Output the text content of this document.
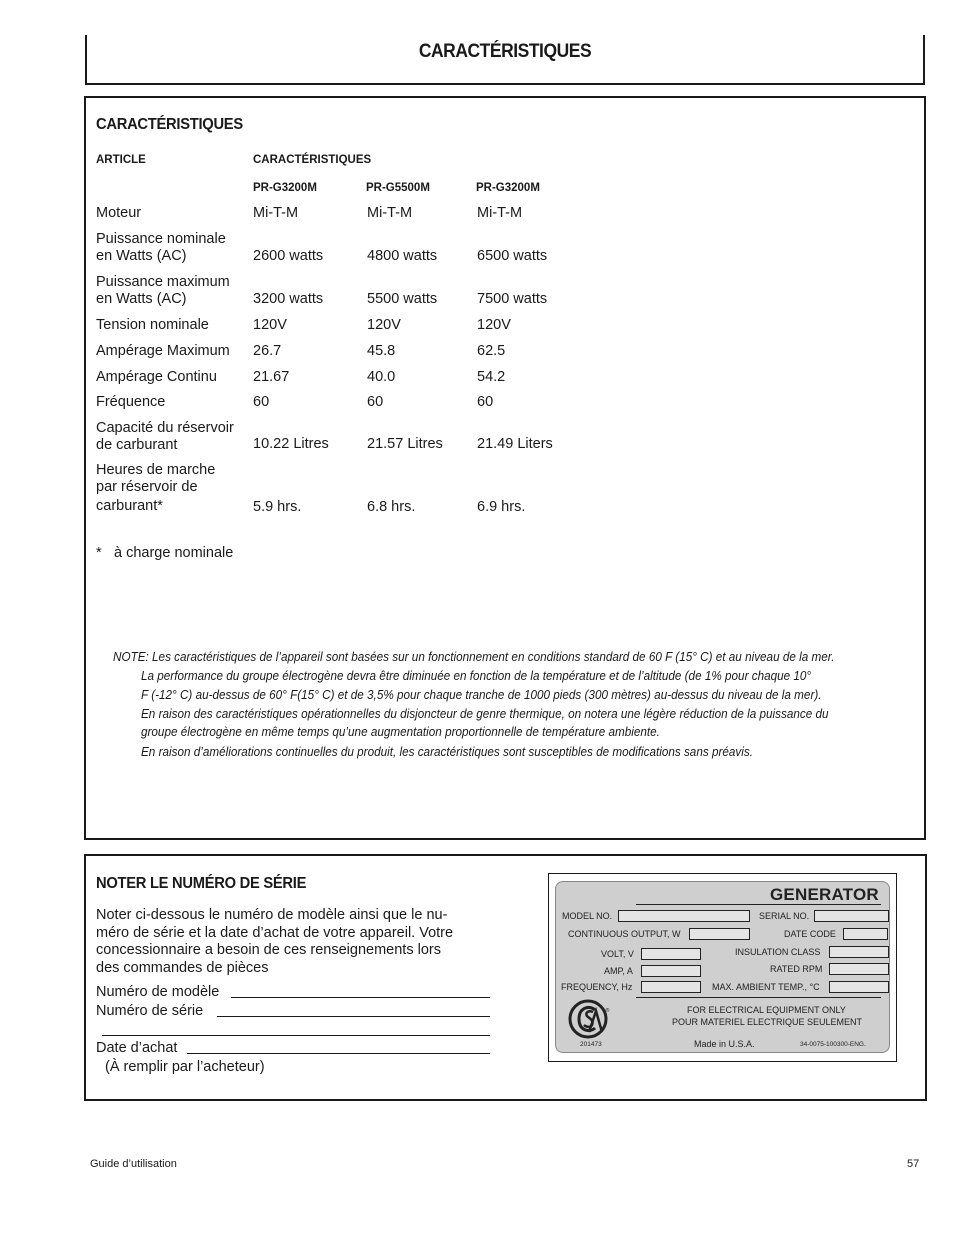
CARACTÉRISTIQUES
CARACTÉRISTIQUES
ARTICLE	CARACTÉRISTIQUES
PR-G3200M	PR-G5500M	PR-G3200M
Moteur	Mi-T-M	Mi-T-M	Mi-T-M
Puissance nominale
en Watts (AC)	2600 watts	4800 watts	6500 watts
Puissance maximum
en Watts (AC)	3200 watts	5500 watts	7500 watts
Tension nominale	120V	120V	120V
Ampérage Maximum 26.7	45.8	62.5
Ampérage Continu 21.67	40.0	54.2
Fréquence	60	60	60
Capacité du réservoir
de carburant	10.22 Litres	21.57 Litres 21.49 Liters
Heures de marche
par réservoir de
carburant*	5.9 hrs.	6.8 hrs.	6.9 hrs.
* à charge nominale
NOTE: Les caractéristiques de l’appareil sont basées sur un fonctionnement en conditions standard de 60 F (15° C) et au niveau de la mer.
La performance du groupe électrogène devra être diminuée en fonction de la température et de l’altitude (de 1% pour chaque 10°
F (-12° C) au-dessus de 60° F(15° C) et de 3,5% pour chaque tranche de 1000 pieds (300 mètres) au-dessus du niveau de la mer).
En raison des caractéristiques opérationnelles du disjoncteur de genre thermique, on notera une légère réduction de la puissance du
groupe électrogène en même temps qu’une augmentation proportionnelle de température ambiente.
En raison d’améliorations continuelles du produit, les caractéristiques sont susceptibles de modifications sans préavis.
NOTER LE NUMÉRO DE SÉRIE
Noter ci-dessous le numéro de modèle ainsi que le nu-
méro de série et la date d’achat de votre appareil. Votre
concessionnaire a besoin de ces renseignements lors
des commandes de pièces
Numéro de modèle
Numéro de série
Date d’achat
(À remplir par l’acheteur)
GENERATOR
MODEL NO.	SERIAL NO.
CONTINUOUS OUTPUT, W	DATE CODE
VOLT, V	INSULATION CLASS
AMP, A	RATED RPM
FREQUENCY, Hz	MAX. AMBIENT TEMP., °C
®
201473
FOR ELECTRICAL EQUIPMENT ONLY
POUR MATERIEL ELECTRIQUE SEULEMENT
Made in U.S.A.	34-0075-100300-ENG.
Guide d’utilisation	57
